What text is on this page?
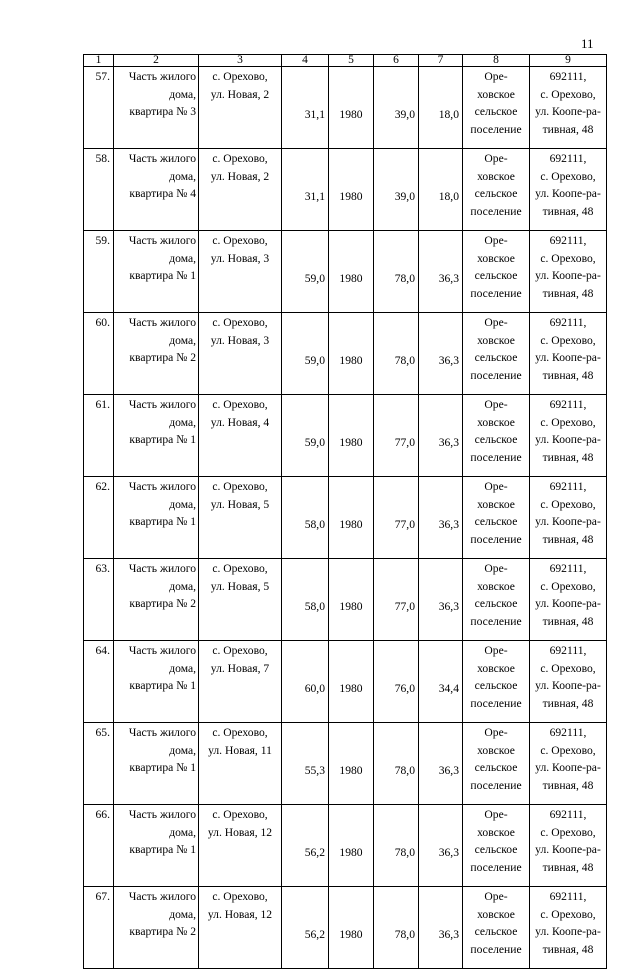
11
1	2	3	4	5	6	7	8	9
57.	Часть жилого
дома,
квартира № 3	с. Орехово,
ул. Новая, 2	31,1	1980	39,0	18,0	Оре-
ховское
сельское
поселение	692111,
с. Орехово,
ул. Коопе-ра-
тивная, 48

58.	Часть жилого
дома,
квартира № 4	с. Орехово,
ул. Новая, 2	31,1	1980	39,0	18,0	Оре-
ховское
сельское
поселение	692111,
с. Орехово,
ул. Коопе-ра-
тивная, 48

59.	Часть жилого
дома,
квартира № 1	с. Орехово,
ул. Новая, 3	59,0	1980	78,0	36,3	Оре-
ховское
сельское
поселение	692111,
с. Орехово,
ул. Коопе-ра-
тивная, 48

60.	Часть жилого
дома,
квартира № 2	с. Орехово,
ул. Новая, 3	59,0	1980	78,0	36,3	Оре-
ховское
сельское
поселение	692111,
с. Орехово,
ул. Коопе-ра-
тивная, 48

61.	Часть жилого
дома,
квартира № 1	с. Орехово,
ул. Новая, 4	59,0	1980	77,0	36,3	Оре-
ховское
сельское
поселение	692111,
с. Орехово,
ул. Коопе-ра-
тивная, 48

62.	Часть жилого
дома,
квартира № 1	с. Орехово,
ул. Новая, 5	58,0	1980	77,0	36,3	Оре-
ховское
сельское
поселение	692111,
с. Орехово,
ул. Коопе-ра-
тивная, 48

63.	Часть жилого
дома,
квартира № 2	с. Орехово,
ул. Новая, 5	58,0	1980	77,0	36,3	Оре-
ховское
сельское
поселение	692111,
с. Орехово,
ул. Коопе-ра-
тивная, 48

64.	Часть жилого
дома,
квартира № 1	с. Орехово,
ул. Новая, 7	60,0	1980	76,0	34,4	Оре-
ховское
сельское
поселение	692111,
с. Орехово,
ул. Коопе-ра-
тивная, 48

65.	Часть жилого
дома,
квартира № 1	с. Орехово,
ул. Новая, 11	55,3	1980	78,0	36,3	Оре-
ховское
сельское
поселение	692111,
с. Орехово,
ул. Коопе-ра-
тивная, 48

66.	Часть жилого
дома,
квартира № 1	с. Орехово,
ул. Новая, 12	56,2	1980	78,0	36,3	Оре-
ховское
сельское
поселение	692111,
с. Орехово,
ул. Коопе-ра-
тивная, 48

67.	Часть жилого
дома,
квартира № 2	с. Орехово,
ул. Новая, 12	56,2	1980	78,0	36,3	Оре-
ховское
сельское
поселение	692111,
с. Орехово,
ул. Коопе-ра-
тивная, 48
